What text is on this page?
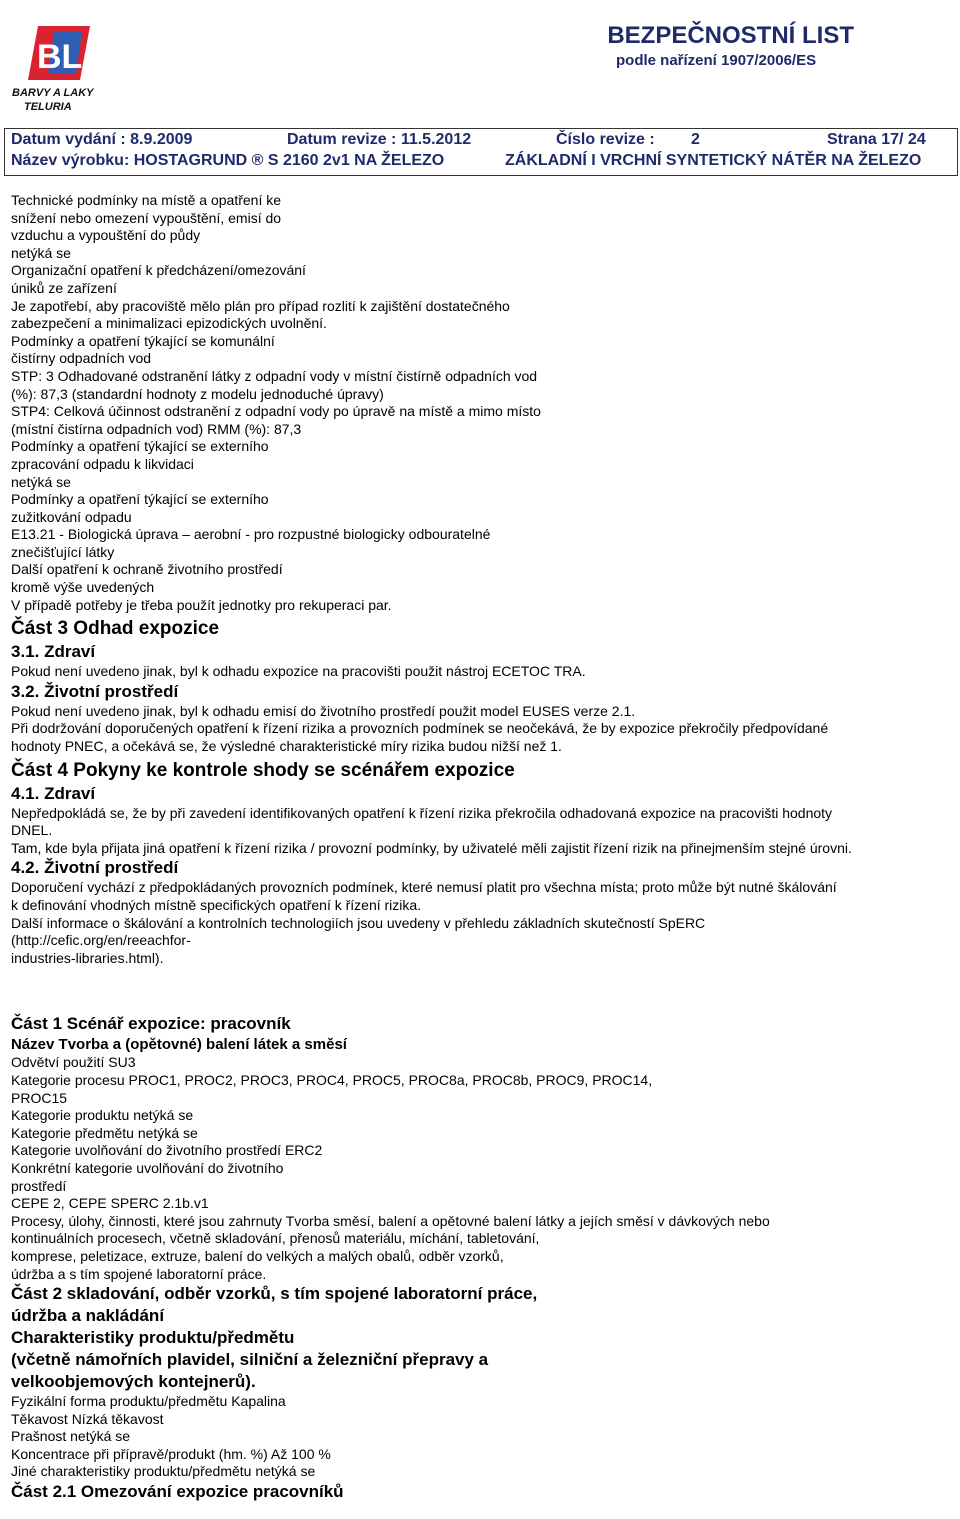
BL
BARVY A LAKY
TELURIA
BEZPEČNOSTNÍ LIST
podle nařízení 1907/2006/ES
Datum vydání : 8.9.2009	Datum revize : 11.5.2012	Číslo revize : 2	Strana 17/ 24
Název výrobku: HOSTAGRUND ® S 2160 2v1 NA ŽELEZO	ZÁKLADNÍ I VRCHNÍ SYNTETICKÝ NÁTĚR NA ŽELEZO
Technické podmínky na místě a opatření ke
snížení nebo omezení vypouštění, emisí do
vzduchu a vypouštění do půdy
netýká se
Organizační opatření k předcházení/omezování
úniků ze zařízení
Je zapotřebí, aby pracoviště mělo plán pro případ rozlití k zajištění dostatečného
zabezpečení a minimalizaci epizodických uvolnění.
Podmínky a opatření týkající se komunální
čistírny odpadních vod
STP: 3 Odhadované odstranění látky z odpadní vody v místní čistírně odpadních vod
(%): 87,3 (standardní hodnoty z modelu jednoduché úpravy)
STP4: Celková účinnost odstranění z odpadní vody po úpravě na místě a mimo místo
(místní čistírna odpadních vod) RMM (%): 87,3
Podmínky a opatření týkající se externího
zpracování odpadu k likvidaci
netýká se
Podmínky a opatření týkající se externího
zužitkování odpadu
E13.21 - Biologická úprava – aerobní - pro rozpustné biologicky odbouratelné
znečišťující látky
Další opatření k ochraně životního prostředí
kromě výše uvedených
V případě potřeby je třeba použít jednotky pro rekuperaci par.
Část 3 Odhad expozice
3.1. Zdraví
Pokud není uvedeno jinak, byl k odhadu expozice na pracovišti použit nástroj ECETOC TRA.
3.2. Životní prostředí
Pokud není uvedeno jinak, byl k odhadu emisí do životního prostředí použit model EUSES verze 2.1.
Při dodržování doporučených opatření k řízení rizika a provozních podmínek se neočekává, že by expozice překročily předpovídané
hodnoty PNEC, a očekává se, že výsledné charakteristické míry rizika budou nižší než 1.
Část 4 Pokyny ke kontrole shody se scénářem expozice
4.1. Zdraví
Nepředpokládá se, že by při zavedení identifikovaných opatření k řízení rizika překročila odhadovaná expozice na pracovišti hodnoty
DNEL.
Tam, kde byla přijata jiná opatření k řízení rizika / provozní podmínky, by uživatelé měli zajistit řízení rizik na přinejmenším stejné úrovni.
4.2. Životní prostředí
Doporučení vychází z předpokládaných provozních podmínek, které nemusí platit pro všechna místa; proto může být nutné škálování
k definování vhodných místně specifických opatření k řízení rizika.
Další informace o škálování a kontrolních technologiích jsou uvedeny v přehledu základních skutečností SpERC
(http://cefic.org/en/reeachfor-
industries-libraries.html).
Část 1 Scénář expozice: pracovník
Název Tvorba a (opětovné) balení látek a směsí
Odvětví použití SU3
Kategorie procesu PROC1, PROC2, PROC3, PROC4, PROC5, PROC8a, PROC8b, PROC9, PROC14,
PROC15
Kategorie produktu netýká se
Kategorie předmětu netýká se
Kategorie uvolňování do životního prostředí ERC2
Konkrétní kategorie uvolňování do životního
prostředí
CEPE 2, CEPE SPERC 2.1b.v1
Procesy, úlohy, činnosti, které jsou zahrnuty Tvorba směsí, balení a opětovné balení látky a jejích směsí v dávkových nebo
kontinuálních procesech, včetně skladování, přenosů materiálu, míchání, tabletování,
komprese, peletizace, extruze, balení do velkých a malých obalů, odběr vzorků,
údržba a s tím spojené laboratorní práce.
Část 2 skladování, odběr vzorků, s tím spojené laboratorní práce,
údržba a nakládání
Charakteristiky produktu/předmětu
(včetně námořních plavidel, silniční a železniční přepravy a
velkoobjemových kontejnerů).
Fyzikální forma produktu/předmětu Kapalina
Těkavost Nízká těkavost
Prašnost netýká se
Koncentrace při přípravě/produkt (hm. %) Až 100 %
Jiné charakteristiky produktu/předmětu netýká se
Část 2.1 Omezování expozice pracovníků
